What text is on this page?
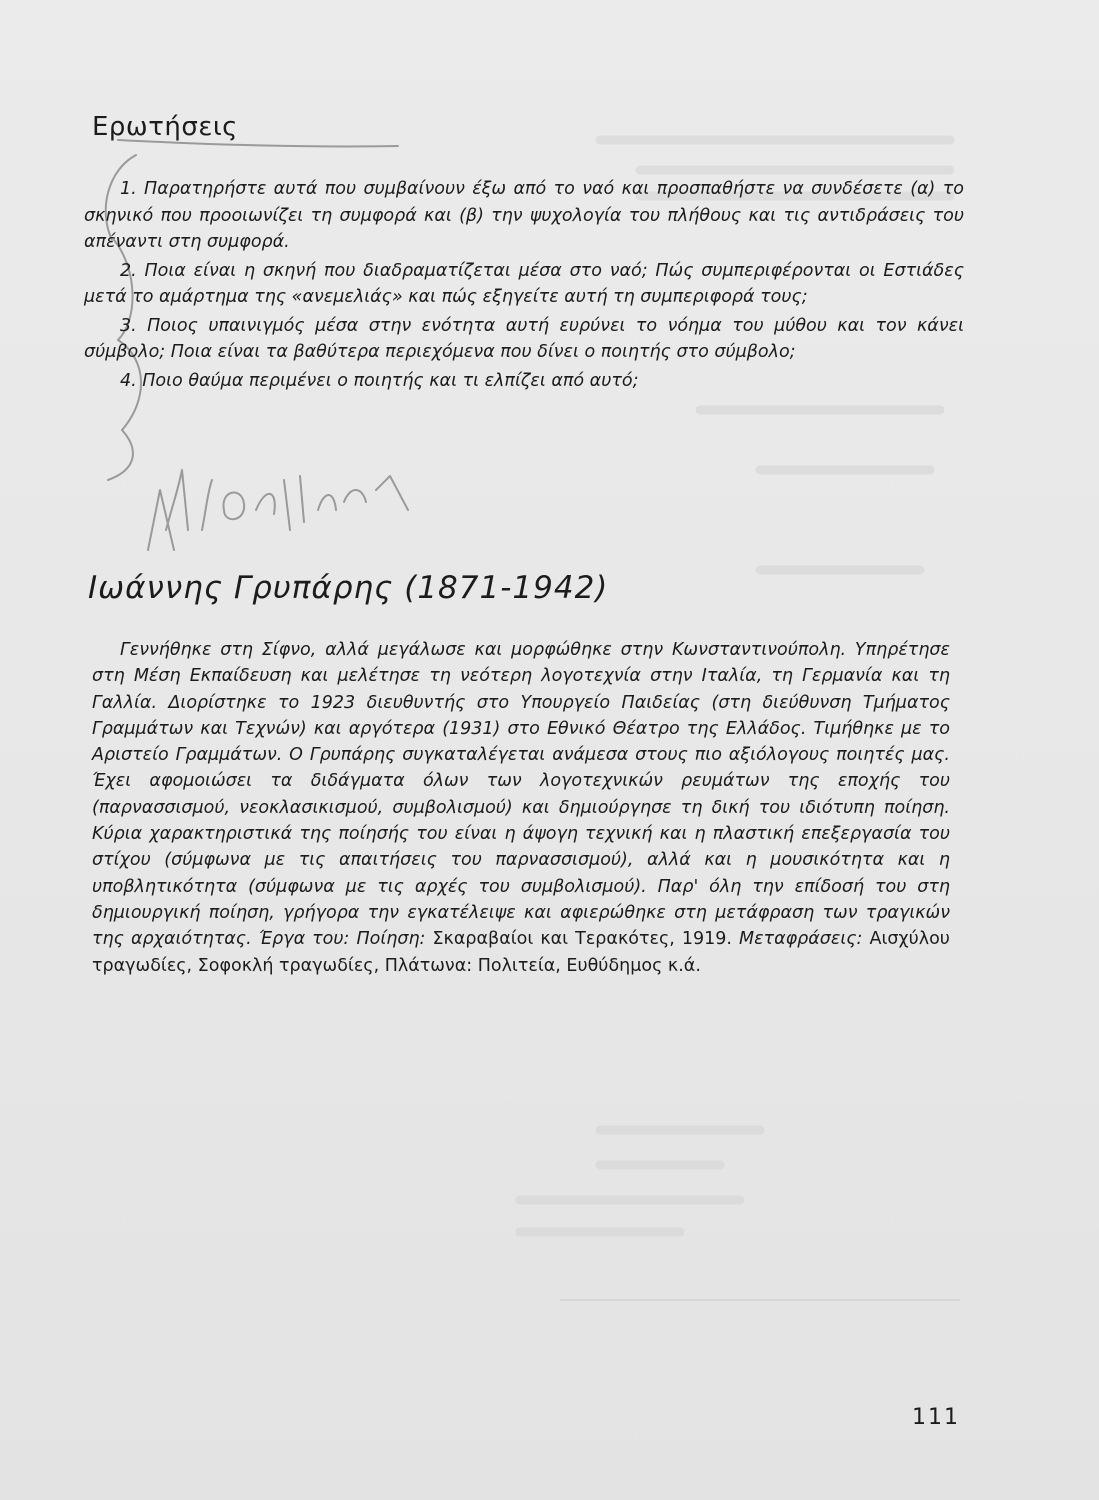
Ερωτήσεις
1. Παρατηρήστε αυτά που συμβαίνουν έξω από το ναό και προσπαθήστε να συνδέσετε (α) το σκηνικό που προοιωνίζει τη συμφορά και (β) την ψυχολογία του πλήθους και τις αντιδράσεις του απέναντι στη συμφορά.
2. Ποια είναι η σκηνή που διαδραματίζεται μέσα στο ναό; Πώς συμπεριφέρονται οι Εστιάδες μετά το αμάρτημα της «ανεμελιάς» και πώς εξηγείτε αυτή τη συμπεριφορά τους;
3. Ποιος υπαινιγμός μέσα στην ενότητα αυτή ευρύνει το νόημα του μύθου και τον κάνει σύμβολο; Ποια είναι τα βαθύτερα περιεχόμενα που δίνει ο ποιητής στο σύμβολο;
4. Ποιο θαύμα περιμένει ο ποιητής και τι ελπίζει από αυτό;
Ιωάννης Γρυπάρης (1871-1942)

Γεννήθηκε στη Σίφνο, αλλά μεγάλωσε και μορφώθηκε στην Κωνσταντινούπολη. Υπηρέτησε στη Μέση Εκπαίδευση και μελέτησε τη νεότερη λογοτεχνία στην Ιταλία, τη Γερμανία και τη Γαλλία. Διορίστηκε το 1923 διευθυντής στο Υπουργείο Παιδείας (στη διεύθυνση Τμήματος Γραμμάτων και Τεχνών) και αργότερα (1931) στο Εθνικό Θέατρο της Ελλάδος. Τιμήθηκε με το Αριστείο Γραμμάτων. Ο Γρυπάρης συγκαταλέγεται ανάμεσα στους πιο αξιόλογους ποιητές μας. Έχει αφομοιώσει τα διδάγματα όλων των λογοτεχνικών ρευμάτων της εποχής του (παρνασσισμού, νεοκλασικισμού, συμβολισμού) και δημιούργησε τη δική του ιδιότυπη ποίηση. Κύρια χαρακτηριστικά της ποίησής του είναι η άψογη τεχνική και η πλαστική επεξεργασία του στίχου (σύμφωνα με τις απαιτήσεις του παρνασσισμού), αλλά και η μουσικότητα και η υποβλητικότητα (σύμφωνα με τις αρχές του συμβολισμού). Παρ' όλη την επίδοσή του στη δημιουργική ποίηση, γρήγορα την εγκατέλειψε και αφιερώθηκε στη μετάφραση των τραγικών της αρχαιότητας. Έργα του: Ποίηση: Σκαραβαίοι και Τερακότες, 1919. Μεταφράσεις: Αισχύλου τραγωδίες, Σοφοκλή τραγωδίες, Πλάτωνα: Πολιτεία, Ευθύδημος κ.ά.

111
